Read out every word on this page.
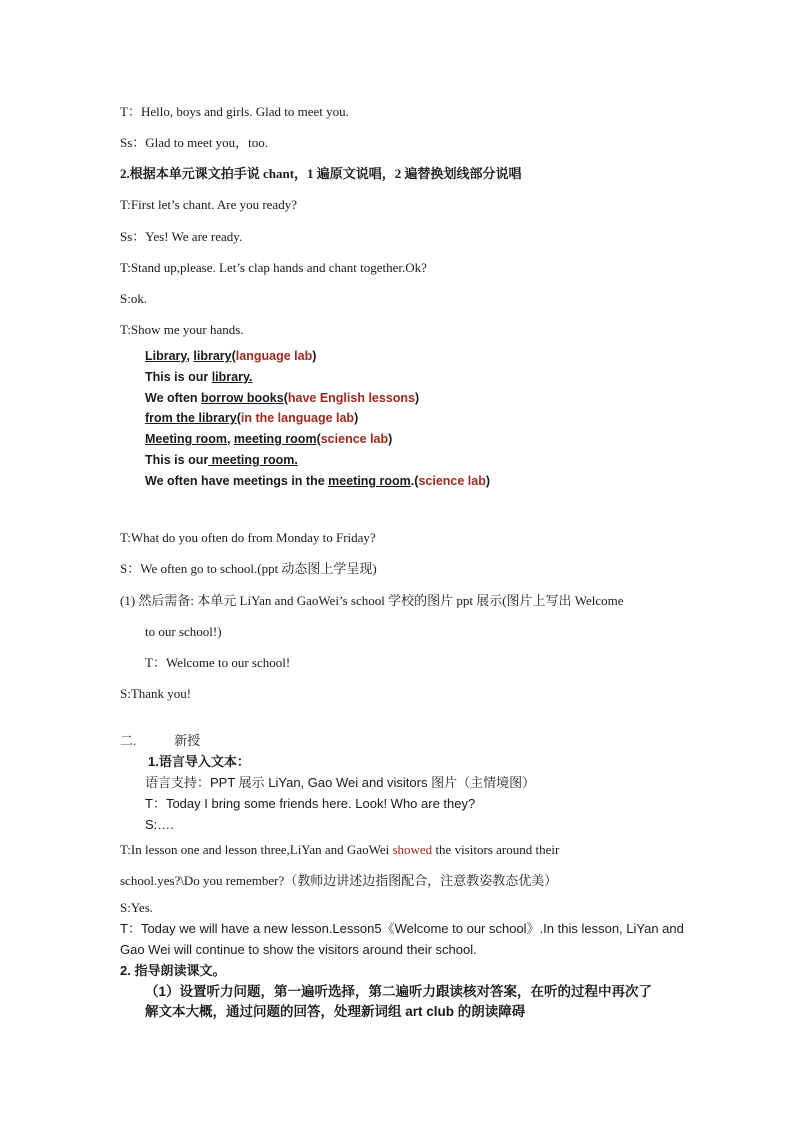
T：Hello, boys and girls. Glad to meet you.
Ss：Glad to meet you，too.
2.根据本单元课文拍手说 chant，1 遍原文说唱，2 遍替换划线部分说唱
T:First let’s chant. Are you ready?
Ss：Yes! We are ready.
T:Stand up,please. Let’s clap hands and chant together.Ok?
S:ok.
T:Show me your hands.
Library, library(language lab)
This is our library.
We often borrow books(have English lessons)
from the library(in the language lab)
Meeting room, meeting room(science lab)
This is our meeting room.
We often have meetings in the meeting room.(science lab)
T:What do you often do from Monday to Friday?
S：We often go to school.(ppt 动态图上学呈现)
(1) 然后需备: 本单元 LiYan and GaoWei’s school 学校的图片 ppt 展示(图片上写出 Welcome
to our school!)
T：Welcome to our school!
S:Thank you!
二.	新授
1.语言导入文本：
语言支持：PPT 展示 LiYan, Gao Wei and visitors 图片（主情境图）
T：Today I bring some friends here. Look! Who are they?
S:….
T:In lesson one and lesson three,LiYan and GaoWei showed the visitors around their
school.yes?\Do you remember?（教师边讲述边指图配合，注意教姿教态优美）
S:Yes.
T：Today we will have a new lesson.Lesson5《Welcome to our school》.In this lesson, LiYan and
Gao Wei will continue to show the visitors around their school.
2. 指导朗读课文。
（1）设置听力问题，第一遍听选择，第二遍听力跟读核对答案，在听的过程中再次了
解文本大概，通过问题的回答，处理新词组 art club 的朗读障碍
